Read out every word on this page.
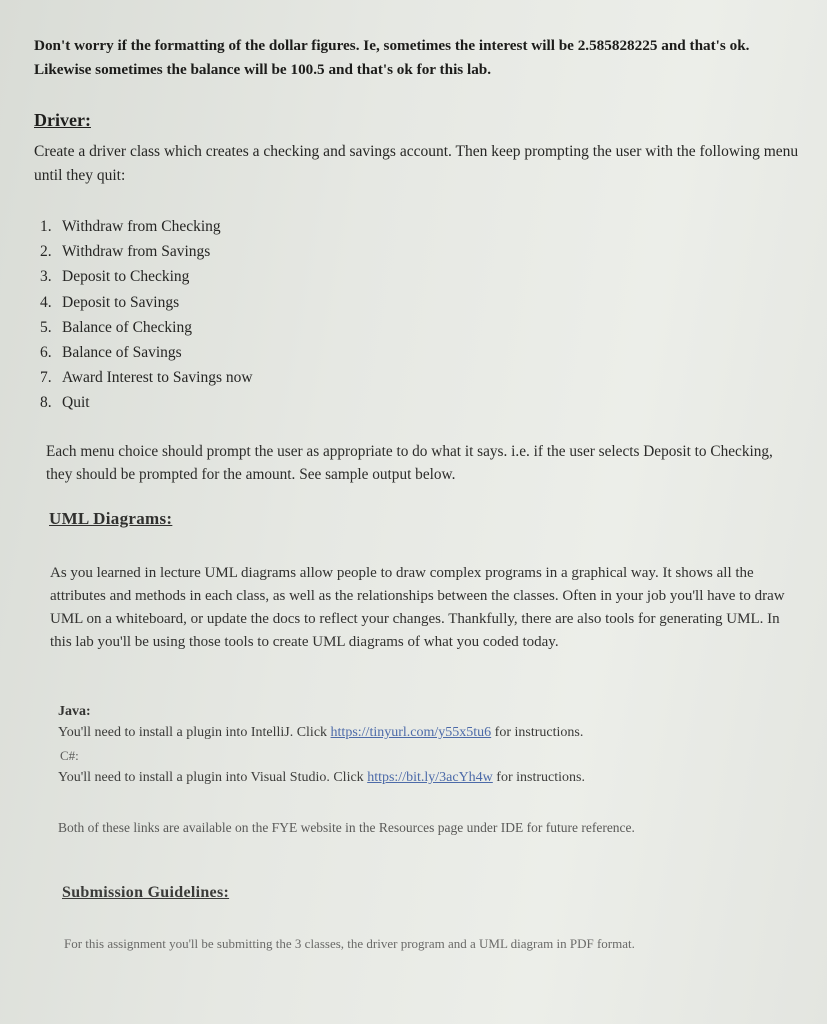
Don't worry if the formatting of the dollar figures. Ie, sometimes the interest will be 2.585828225 and that's ok. Likewise sometimes the balance will be 100.5 and that's ok for this lab.
Driver:
Create a driver class which creates a checking and savings account. Then keep prompting the user with the following menu until they quit:
1. Withdraw from Checking
2. Withdraw from Savings
3. Deposit to Checking
4. Deposit to Savings
5. Balance of Checking
6. Balance of Savings
7. Award Interest to Savings now
8. Quit
Each menu choice should prompt the user as appropriate to do what it says. i.e. if the user selects Deposit to Checking, they should be prompted for the amount. See sample output below.
UML Diagrams:
As you learned in lecture UML diagrams allow people to draw complex programs in a graphical way. It shows all the attributes and methods in each class, as well as the relationships between the classes. Often in your job you'll have to draw UML on a whiteboard, or update the docs to reflect your changes. Thankfully, there are also tools for generating UML. In this lab you'll be using those tools to create UML diagrams of what you coded today.
Java:
You'll need to install a plugin into IntelliJ. Click https://tinyurl.com/y55x5tu6 for instructions.
C#:
You'll need to install a plugin into Visual Studio. Click https://bit.ly/3acYh4w for instructions.
Both of these links are available on the FYE website in the Resources page under IDE for future reference.
Submission Guidelines:
For this assignment you'll be submitting the 3 classes, the driver program and a UML diagram in PDF format.
